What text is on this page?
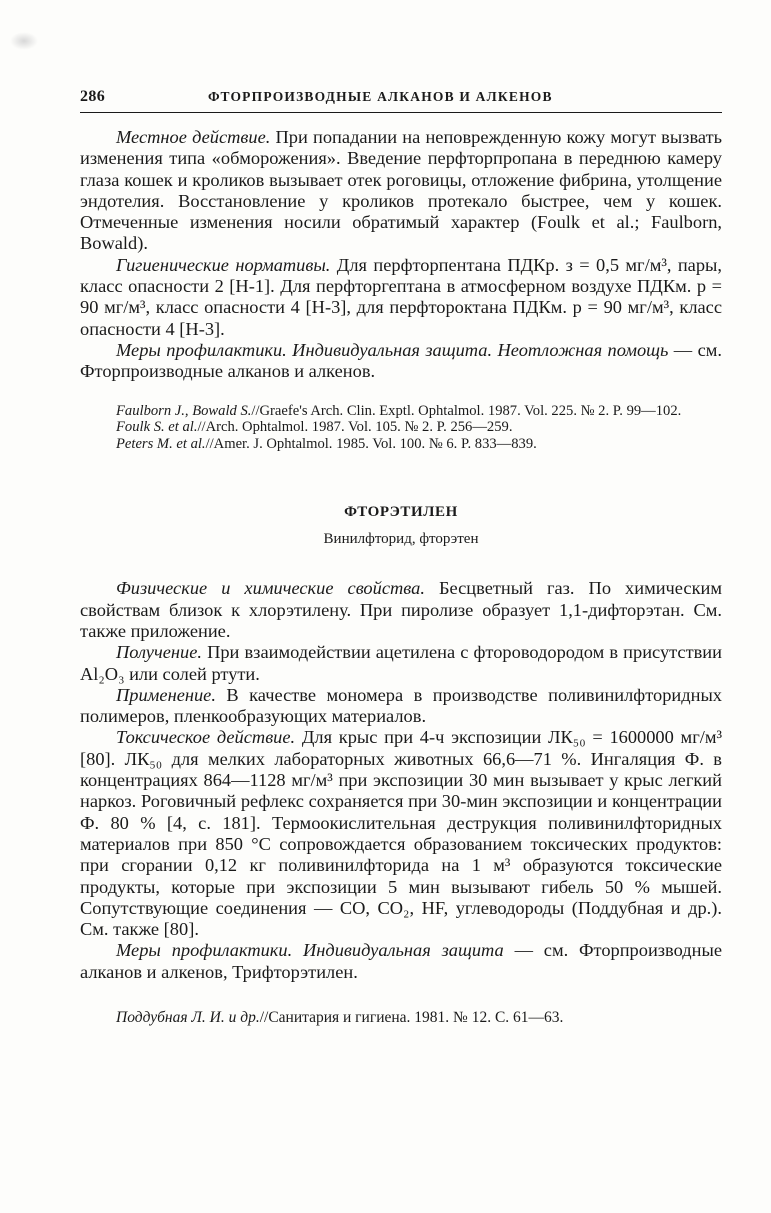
286	ФТОРПРОИЗВОДНЫЕ АЛКАНОВ И АЛКЕНОВ

Местное действие. При попадании на неповрежденную кожу могут вызвать изменения типа «обморожения». Введение перфторпропана в переднюю камеру глаза кошек и кроликов вызывает отек роговицы, отложение фибрина, утолщение эндотелия. Восстановление у кроликов протекало быстрее, чем у кошек. Отмеченные изменения носили обратимый характер (Foulk et al.; Faulborn, Bowald).

Гигиенические нормативы. Для перфторпентана ПДКр. з = 0,5 мг/м³, пары, класс опасности 2 [Н-1]. Для перфторгептана в атмосферном воздухе ПДКм. р = 90 мг/м³, класс опасности 4 [Н-3], для перфтороктана ПДКм. р = 90 мг/м³, класс опасности 4 [Н-3].

Меры профилактики. Индивидуальная защита. Неотложная помощь — см. Фторпроизводные алканов и алкенов.

Faulborn J., Bowald S.//Graefe's Arch. Clin. Exptl. Ophtalmol. 1987. Vol. 225. № 2. P. 99—102.

Foulk S. et al.//Arch. Ophtalmol. 1987. Vol. 105. № 2. P. 256—259.

Peters M. et al.//Amer. J. Ophtalmol. 1985. Vol. 100. № 6. P. 833—839.

ФТОРЭТИЛЕН
Винилфторид, фторэтен

Физические и химические свойства. Бесцветный газ. По химическим свойствам близок к хлорэтилену. При пиролизе образует 1,1-дифторэтан. См. также приложение.

Получение. При взаимодействии ацетилена с фтороводородом в присутствии Al₂O₃ или солей ртути.

Применение. В качестве мономера в производстве поливинилфторидных полимеров, пленкообразующих материалов.

Токсическое действие. Для крыс при 4-ч экспозиции ЛК₅₀ = 1600000 мг/м³ [80]. ЛК₅₀ для мелких лабораторных животных 66,6—71 %. Ингаляция Ф. в концентрациях 864—1128 мг/м³ при экспозиции 30 мин вызывает у крыс легкий наркоз. Роговичный рефлекс сохраняется при 30-мин экспозиции и концентрации Ф. 80 % [4, с. 181]. Термоокислительная деструкция поливинилфторидных материалов при 850 °С сопровождается образованием токсических продуктов: при сгорании 0,12 кг поливинилфторида на 1 м³ образуются токсические продукты, которые при экспозиции 5 мин вызывают гибель 50 % мышей. Сопутствующие соединения — CO, CO₂, HF, углеводороды (Поддубная и др.). См. также [80].

Меры профилактики. Индивидуальная защита — см. Фторпроизводные алканов и алкенов, Трифторэтилен.

Поддубная Л. И. и др.//Санитария и гигиена. 1981. № 12. С. 61—63.
